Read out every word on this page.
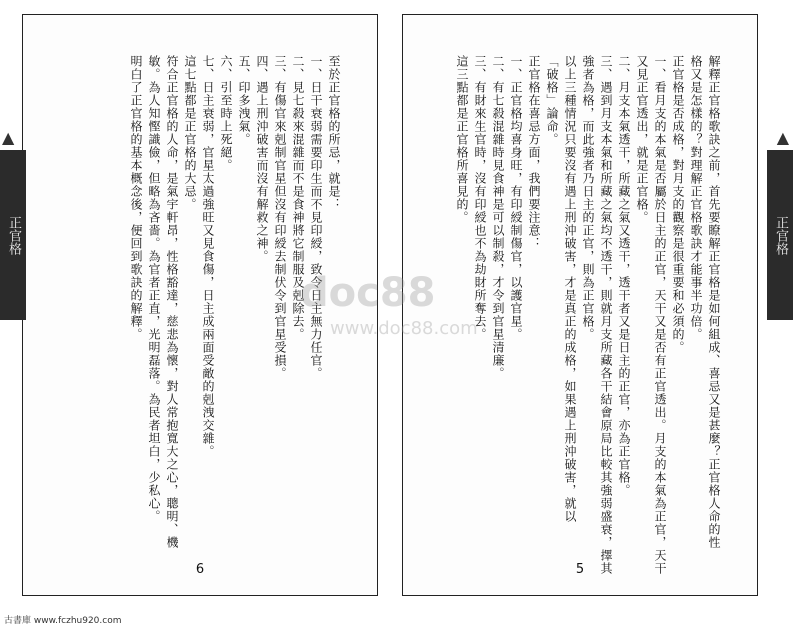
至於正官格的所忌，就是：
一、日干衰弱需要印生而不見印綬，致令日主無力任官。
二、見七殺來混雜而不是食神將它制服及剋除去。
三、有傷官來剋制官星但沒有印綬去制伏令到官星受損。
四、遇上刑沖破害而沒有解救之神。
五、印多洩氣。
六、引至時上死絕。
七、日主衰弱，官星太過強旺又見食傷，日主成兩面受敵的剋洩交雜。
這七點都是正官格的大忌。
符合正官格的人命，是氣宇軒昂，性格豁達，慈悲為懷，對人常抱寬大之心，聰明、機
敏。為人知慳識儉，但略為吝嗇。為官者正直，光明磊落。為民者坦白，少私心。
明白了正官格的基本概念後，便回到歌訣的解釋。
6
解釋正官格歌訣之前，首先要瞭解正官格是如何組成、喜忌又是甚麼？正官格人命的性
格又是怎樣的？對理解正官格歌訣才能事半功倍。
正官格是否成格，對月支的觀察是很重要和必須的。
一、看月支的本氣是否屬於日主的正官，天干又是否有正官透出。月支的本氣為正官，天干
又見正官透出，就是正官格。
二、月支本氣透干，所藏之氣又透干，透干者又是日主的正官，亦為正官格。
三、遇到月支本氣和所藏之氣均不透干，則就月支所藏各干結會原局比較其強弱盛衰，擇其
強者為格，而此強者乃日主的正官，則為正官格。
以上三種情況只要沒有遇上刑沖破害，才是真正的成格，如果遇上刑沖破害，就以
「破格」論命。
正官格在喜忌方面，我們要注意：
一、正官格均喜身旺，有印綬制傷官，以護官星。
二、有七殺混雜時見食神是可以制殺，才令到官星清廉。
三、有財來生官時，沒有印綬也不為劫財所奪去。
這三點都是正官格所喜見的。
5
▲
正官格
▲
正官格
doc88
www.doc88.com
古書庫 www.fczhu920.com
